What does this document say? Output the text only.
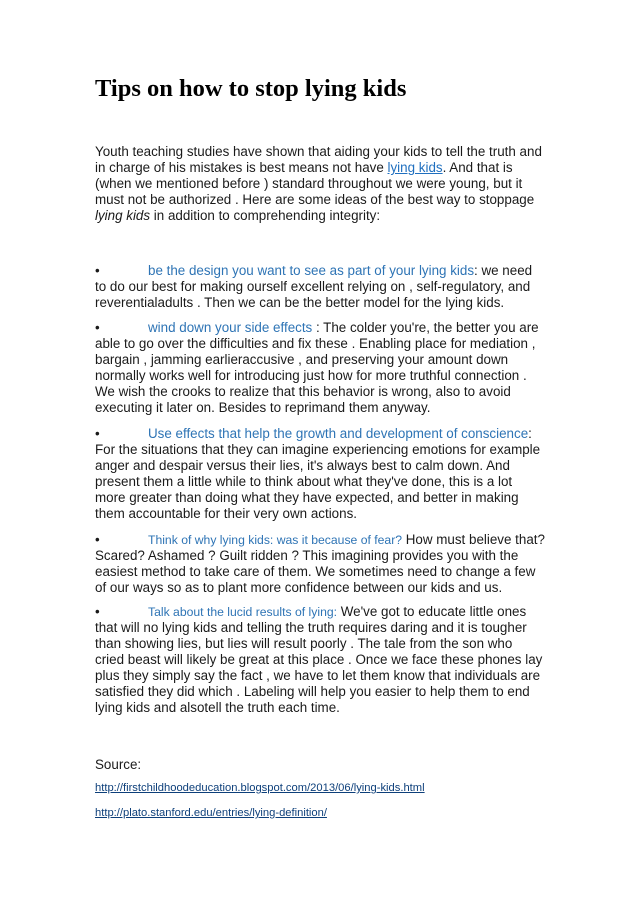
Tips on how to stop lying kids

Youth teaching studies have shown that aiding your kids to tell the truth and in charge of his mistakes is best means not have lying kids. And that is (when we mentioned before ) standard throughout we were young, but it must not be authorized . Here are some ideas of the best way to stoppage lying kids in addition to comprehending integrity:

•	be the design you want to see as part of your lying kids: we need to do our best for making ourself excellent relying on , self-regulatory, and reverentialadults . Then we can be the better model for the lying kids.

•	wind down your side effects : The colder you're, the better you are able to go over the difficulties and fix these . Enabling place for mediation , bargain , jamming earlieraccusive , and preserving your amount down normally works well for introducing just how for more truthful connection . We wish the crooks to realize that this behavior is wrong, also to avoid executing it later on. Besides to reprimand them anyway.

•	Use effects that help the growth and development of conscience: For the situations that they can imagine experiencing emotions for example anger and despair versus their lies, it's always best to calm down. And present them a little while to think about what they've done, this is a lot more greater than doing what they have expected, and better in making them accountable for their very own actions.

•	Think of why lying kids: was it because of fear? How must believe that? Scared? Ashamed ? Guilt ridden ? This imagining provides you with the easiest method to take care of them. We sometimes need to change a few of our ways so as to plant more confidence between our kids and us.

•	Talk about the lucid results of lying: We've got to educate little ones that will no lying kids and telling the truth requires daring and it is tougher than showing lies, but lies will result poorly . The tale from the son who cried beast will likely be great at this place . Once we face these phones lay plus they simply say the fact , we have to let them know that individuals are satisfied they did which . Labeling will help you easier to help them to end lying kids and alsotell the truth each time.

Source:
http://firstchildhoodeducation.blogspot.com/2013/06/lying-kids.html
http://plato.stanford.edu/entries/lying-definition/
